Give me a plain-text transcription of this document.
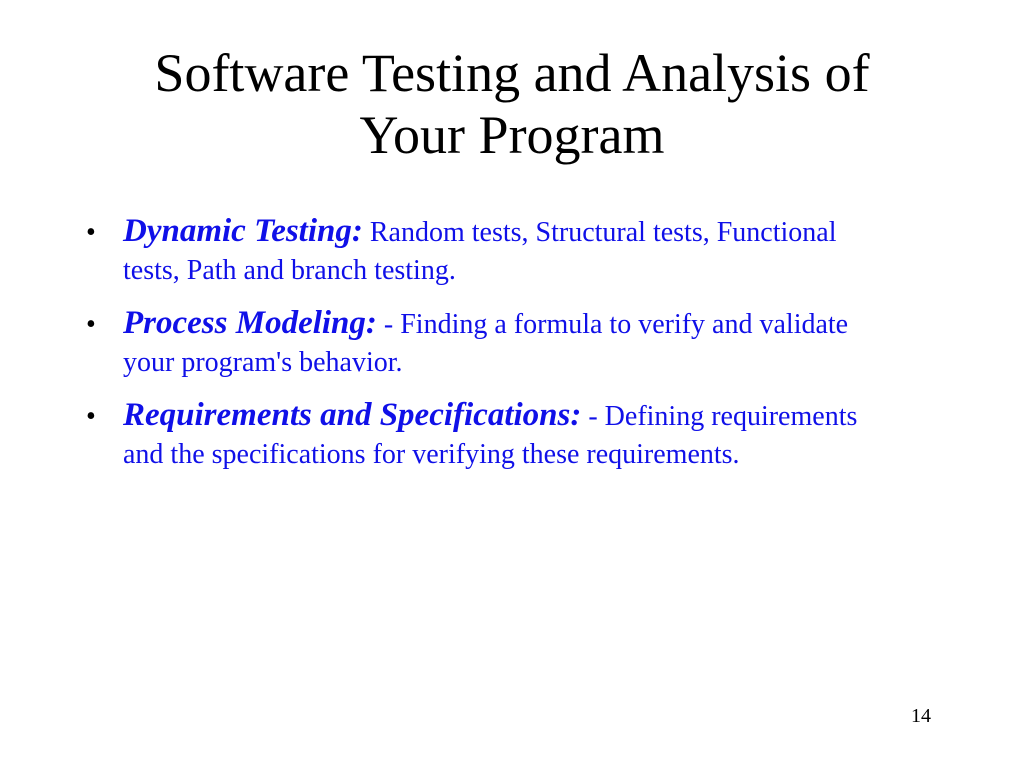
Software Testing and Analysis of
Your Program
• Dynamic Testing: Random tests, Structural tests, Functional tests, Path and branch testing.
• Process Modeling: - Finding a formula to verify and validate your program's behavior.
• Requirements and Specifications: - Defining requirements and the specifications for verifying these requirements.
14
